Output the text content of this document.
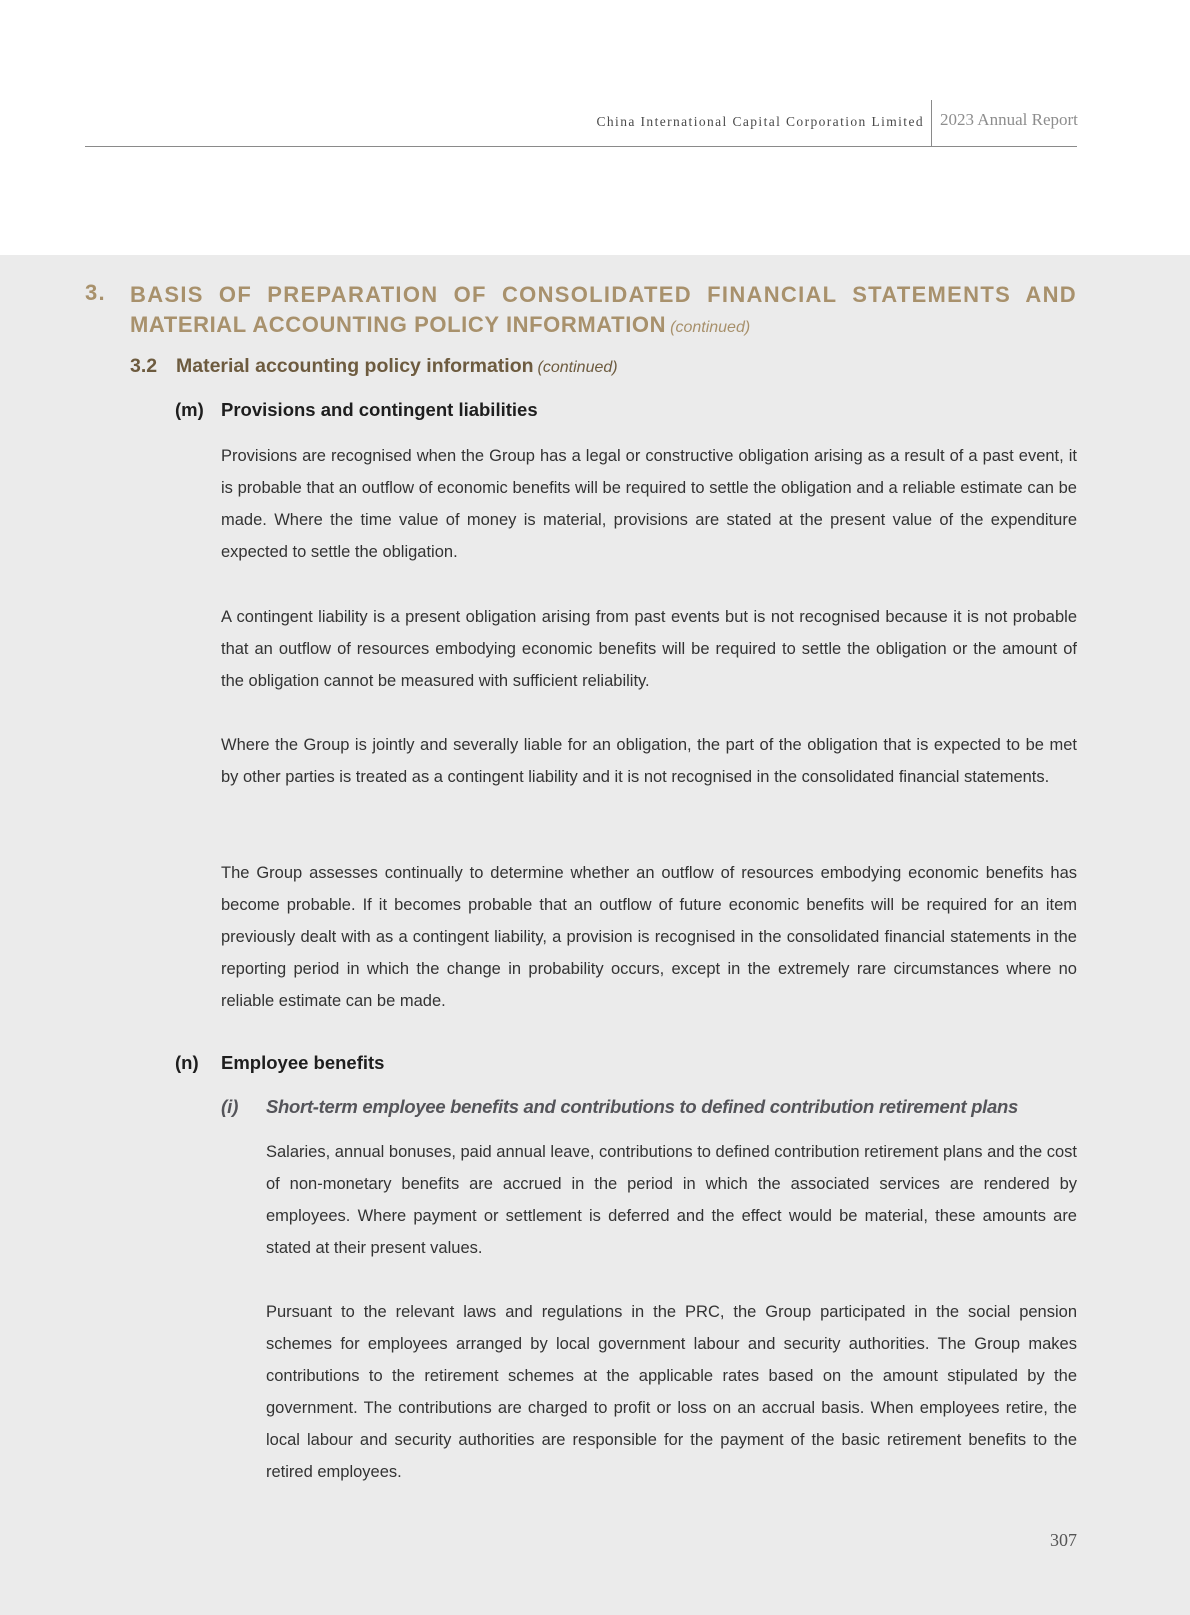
China International Capital Corporation Limited 2023 Annual Report
3. BASIS OF PREPARATION OF CONSOLIDATED FINANCIAL STATEMENTS AND
MATERIAL ACCOUNTING POLICY INFORMATION (continued)
3.2 Material accounting policy information (continued)
(m) Provisions and contingent liabilities

Provisions are recognised when the Group has a legal or constructive obligation arising as a result of a past event, it is probable that an outflow of economic benefits will be required to settle the obligation and a reliable estimate can be made. Where the time value of money is material, provisions are stated at the present value of the expenditure expected to settle the obligation.

A contingent liability is a present obligation arising from past events but is not recognised because it is not probable that an outflow of resources embodying economic benefits will be required to settle the obligation or the amount of the obligation cannot be measured with sufficient reliability.

Where the Group is jointly and severally liable for an obligation, the part of the obligation that is expected to be met by other parties is treated as a contingent liability and it is not recognised in the consolidated financial statements.

The Group assesses continually to determine whether an outflow of resources embodying economic benefits has become probable. If it becomes probable that an outflow of future economic benefits will be required for an item previously dealt with as a contingent liability, a provision is recognised in the consolidated financial statements in the reporting period in which the change in probability occurs, except in the extremely rare circumstances where no reliable estimate can be made.

(n) Employee benefits
(i) Short-term employee benefits and contributions to defined contribution retirement plans

Salaries, annual bonuses, paid annual leave, contributions to defined contribution retirement plans and the cost of non-monetary benefits are accrued in the period in which the associated services are rendered by employees. Where payment or settlement is deferred and the effect would be material, these amounts are stated at their present values.

Pursuant to the relevant laws and regulations in the PRC, the Group participated in the social pension schemes for employees arranged by local government labour and security authorities. The Group makes contributions to the retirement schemes at the applicable rates based on the amount stipulated by the government. The contributions are charged to profit or loss on an accrual basis. When employees retire, the local labour and security authorities are responsible for the payment of the basic retirement benefits to the retired employees.

307
